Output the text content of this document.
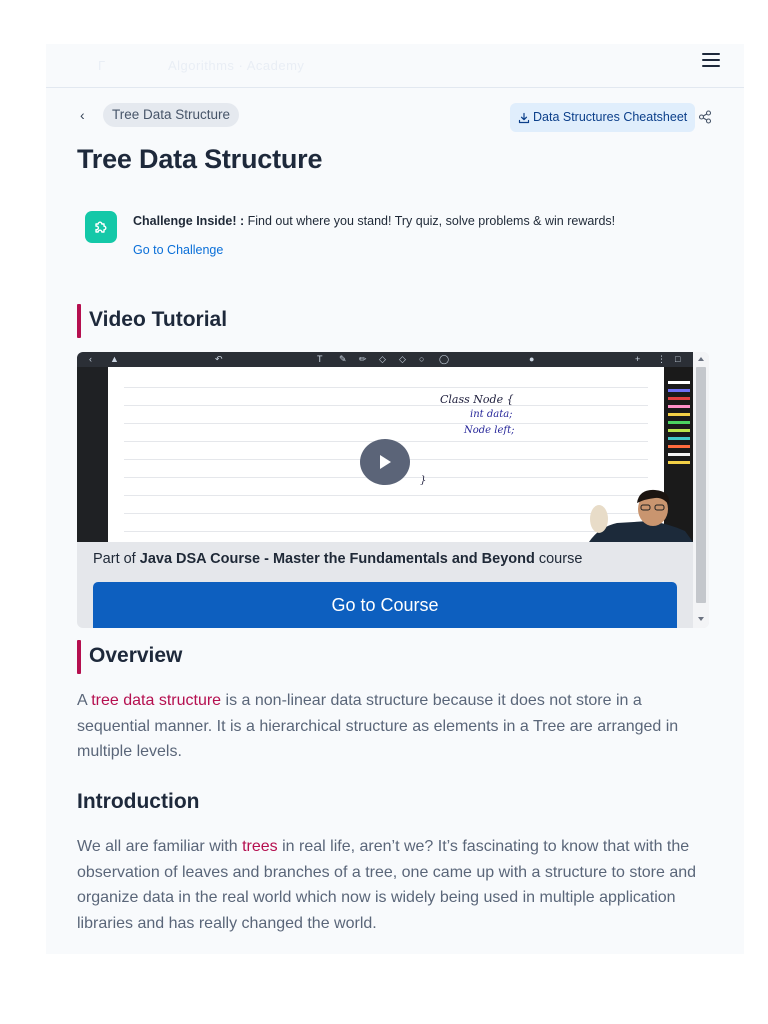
Γ	Algorithms · Academy
‹	Tree Data Structure	Data Structures Cheatsheet
Tree Data Structure
Challenge Inside! : Find out where you stand! Try quiz, solve problems & win rewards!
Go to Challenge
Video Tutorial
‹ ▲	↶	T ✎ ✏ ◇ ◇ ○ ◯	●	+ ⋮ □
Class Node {
int data;
Node left;
}
Part of Java DSA Course - Master the Fundamentals and Beyond course
Go to Course
Overview

A tree data structure is a non-linear data structure because it does not store in a sequential manner. It is a hierarchical structure as elements in a Tree are arranged in multiple levels.

Introduction

We all are familiar with trees in real life, aren’t we? It’s fascinating to know that with the observation of leaves and branches of a tree, one came up with a structure to store and organize data in the real world which now is widely being used in multiple application libraries and has really changed the world.
